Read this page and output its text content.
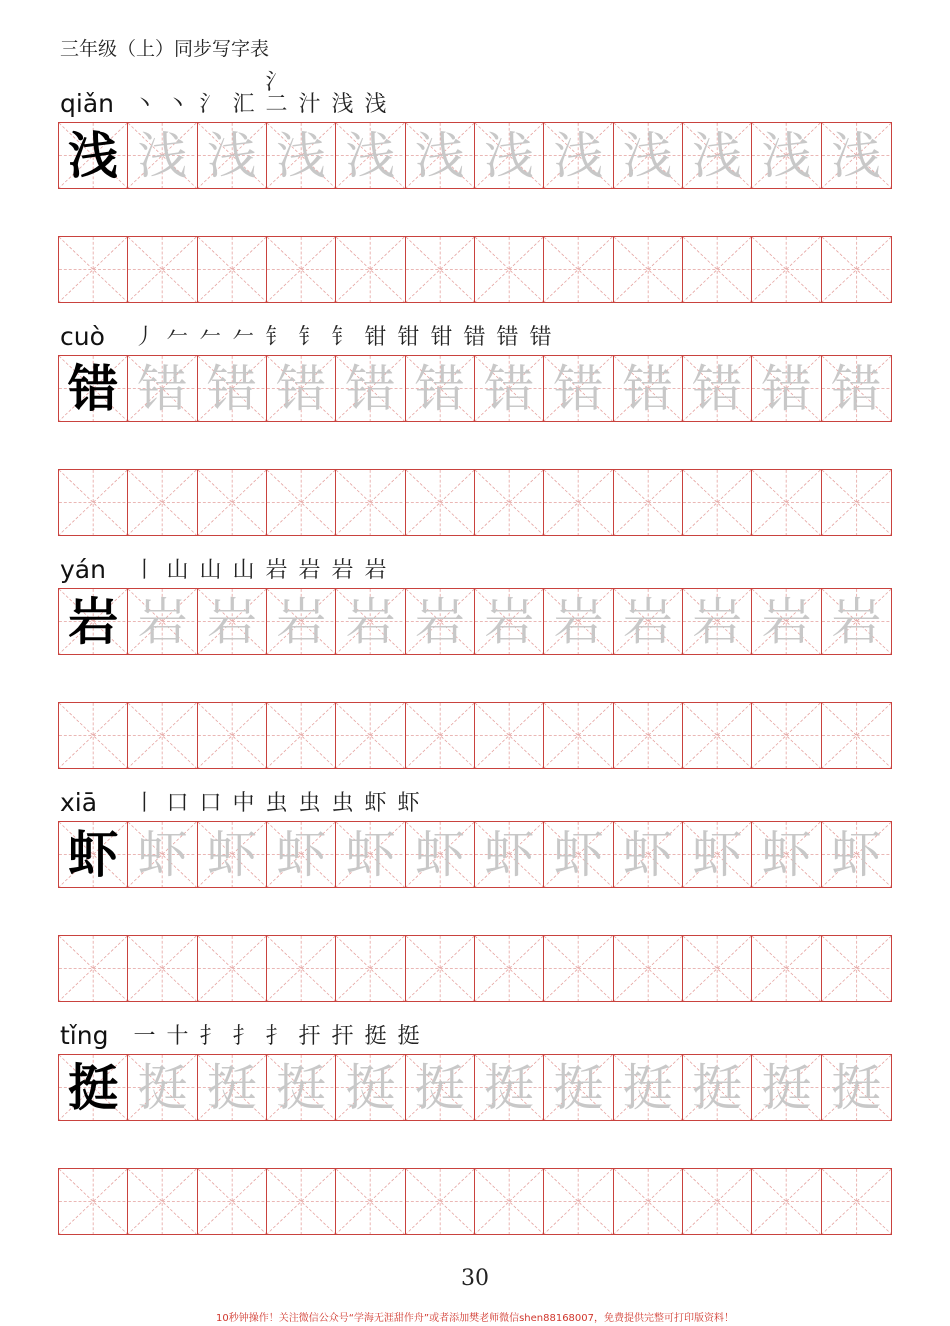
三年级（上）同步写字表
qiǎn 丶 丶 氵 汇
氵二 汁 浅 浅
浅 浅 浅 浅 浅 浅 浅 浅 浅 浅 浅 浅
cuò	丿 𠂉 𠂉 𠂉 钅 钅 钅 钳 钳 钳 错 错 错
错 错 错 错 错 错 错 错 错 错 错 错
yán	丨 山 山 山 岩 岩 岩 岩
岩 岩 岩 岩 岩 岩 岩 岩 岩 岩 岩 岩
xiā	丨 口 口 中 虫 虫 虫 虾 虾
虾 虾 虾 虾 虾 虾 虾 虾 虾 虾 虾 虾
tǐng	一 十 扌 扌 扌 扞 扞 挺 挺
挺 挺 挺 挺 挺 挺 挺 挺 挺 挺 挺 挺
30
10秒钟操作！关注微信公众号“学海无涯甜作舟”或者添加樊老师微信shen88168007，免费提供完整可打印版资料！
